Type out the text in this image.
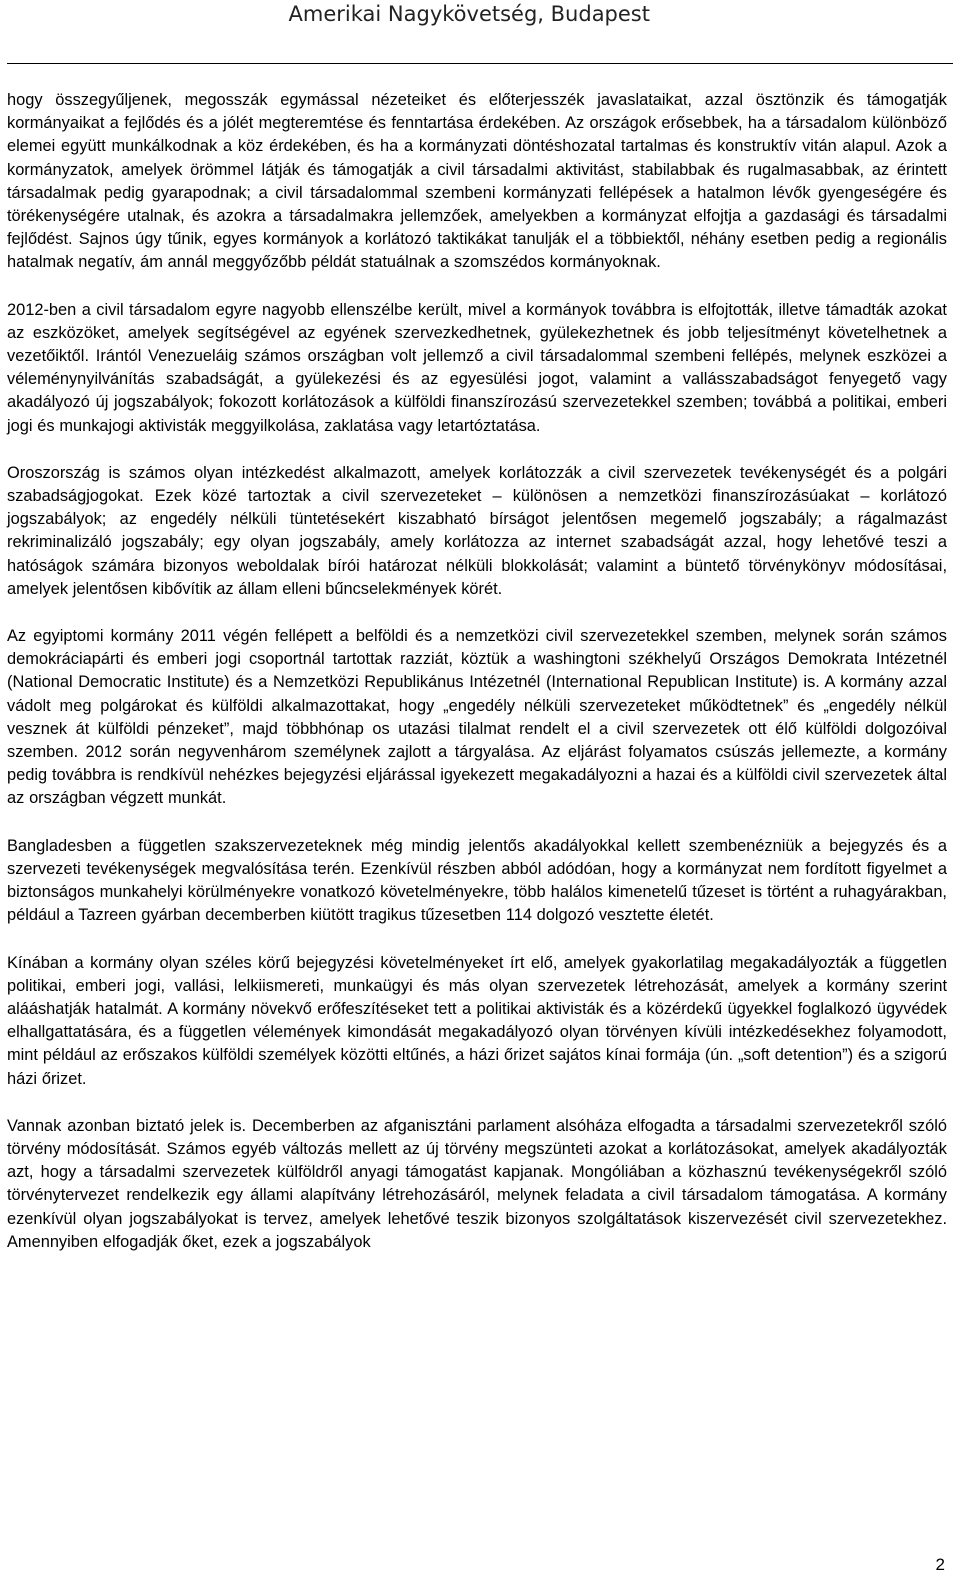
Amerikai Nagykövetség, Budapest

hogy összegyűljenek, megosszák egymással nézeteiket és előterjesszék javaslataikat, azzal ösztönzik és támogatják kormányaikat a fejlődés és a jólét megteremtése és fenntartása érdekében. Az országok erősebbek, ha a társadalom különböző elemei együtt munkálkodnak a köz érdekében, és ha a kormányzati döntéshozatal tartalmas és konstruktív vitán alapul. Azok a kormányzatok, amelyek örömmel látják és támogatják a civil társadalmi aktivitást, stabilabbak és rugalmasabbak, az érintett társadalmak pedig gyarapodnak; a civil társadalommal szembeni kormányzati fellépések a hatalmon lévők gyengeségére és törékenységére utalnak, és azokra a társadalmakra jellemzőek, amelyekben a kormányzat elfojtja a gazdasági és társadalmi fejlődést. Sajnos úgy tűnik, egyes kormányok a korlátozó taktikákat tanulják el a többiektől, néhány esetben pedig a regionális hatalmak negatív, ám annál meggyőzőbb példát statuálnak a szomszédos kormányoknak.

2012-ben a civil társadalom egyre nagyobb ellenszélbe került, mivel a kormányok továbbra is elfojtották, illetve támadták azokat az eszközöket, amelyek segítségével az egyének szervezkedhetnek, gyülekezhetnek és jobb teljesítményt követelhetnek a vezetőiktől. Irántól Venezueláig számos országban volt jellemző a civil társadalommal szembeni fellépés, melynek eszközei a véleménynyilvánítás szabadságát, a gyülekezési és az egyesülési jogot, valamint a vallásszabadságot fenyegető vagy akadályozó új jogszabályok; fokozott korlátozások a külföldi finanszírozású szervezetekkel szemben; továbbá a politikai, emberi jogi és munkajogi aktivisták meggyilkolása, zaklatása vagy letartóztatása.

Oroszország is számos olyan intézkedést alkalmazott, amelyek korlátozzák a civil szervezetek tevékenységét és a polgári szabadságjogokat. Ezek közé tartoztak a civil szervezeteket – különösen a nemzetközi finanszírozásúakat – korlátozó jogszabályok; az engedély nélküli tüntetésekért kiszabható bírságot jelentősen megemelő jogszabály; a rágalmazást rekriminalizáló jogszabály; egy olyan jogszabály, amely korlátozza az internet szabadságát azzal, hogy lehetővé teszi a hatóságok számára bizonyos weboldalak bírói határozat nélküli blokkolását; valamint a büntető törvénykönyv módosításai, amelyek jelentősen kibővítik az állam elleni bűncselekmények körét.

Az egyiptomi kormány 2011 végén fellépett a belföldi és a nemzetközi civil szervezetekkel szemben, melynek során számos demokráciapárti és emberi jogi csoportnál tartottak razziát, köztük a washingtoni székhelyű Országos Demokrata Intézetnél (National Democratic Institute) és a Nemzetközi Republikánus Intézetnél (International Republican Institute) is. A kormány azzal vádolt meg polgárokat és külföldi alkalmazottakat, hogy „engedély nélküli szervezeteket működtetnek” és „engedély nélkül vesznek át külföldi pénzeket”, majd többhónap os utazási tilalmat rendelt el a civil szervezetek ott élő külföldi dolgozóival szemben. 2012 során negyvenhárom személynek zajlott a tárgyalása. Az eljárást folyamatos csúszás jellemezte, a kormány pedig továbbra is rendkívül nehézkes bejegyzési eljárással igyekezett megakadályozni a hazai és a külföldi civil szervezetek által az országban végzett munkát.

Bangladesben a független szakszervezeteknek még mindig jelentős akadályokkal kellett szembenézniük a bejegyzés és a szervezeti tevékenységek megvalósítása terén. Ezenkívül részben abból adódóan, hogy a kormányzat nem fordított figyelmet a biztonságos munkahelyi körülményekre vonatkozó követelményekre, több halálos kimenetelű tűzeset is történt a ruhagyárakban, például a Tazreen gyárban decemberben kiütött tragikus tűzesetben 114 dolgozó vesztette életét.

Kínában a kormány olyan széles körű bejegyzési követelményeket írt elő, amelyek gyakorlatilag megakadályozták a független politikai, emberi jogi, vallási, lelkiismereti, munkaügyi és más olyan szervezetek létrehozását, amelyek a kormány szerint alááshatják hatalmát. A kormány növekvő erőfeszítéseket tett a politikai aktivisták és a közérdekű ügyekkel foglalkozó ügyvédek elhallgattatására, és a független vélemények kimondását megakadályozó olyan törvényen kívüli intézkedésekhez folyamodott, mint például az erőszakos külföldi személyek közötti eltűnés, a házi őrizet sajátos kínai formája (ún. „soft detention”) és a szigorú házi őrizet.

Vannak azonban biztató jelek is. Decemberben az afganisztáni parlament alsóháza elfogadta a társadalmi szervezetekről szóló törvény módosítását. Számos egyéb változás mellett az új törvény megszünteti azokat a korlátozásokat, amelyek akadályozták azt, hogy a társadalmi szervezetek külföldről anyagi támogatást kapjanak. Mongóliában a közhasznú tevékenységekről szóló törvénytervezet rendelkezik egy állami alapítvány létrehozásáról, melynek feladata a civil társadalom támogatása. A kormány ezenkívül olyan jogszabályokat is tervez, amelyek lehetővé teszik bizonyos szolgáltatások kiszervezését civil szervezetekhez. Amennyiben elfogadják őket, ezek a jogszabályok

2
